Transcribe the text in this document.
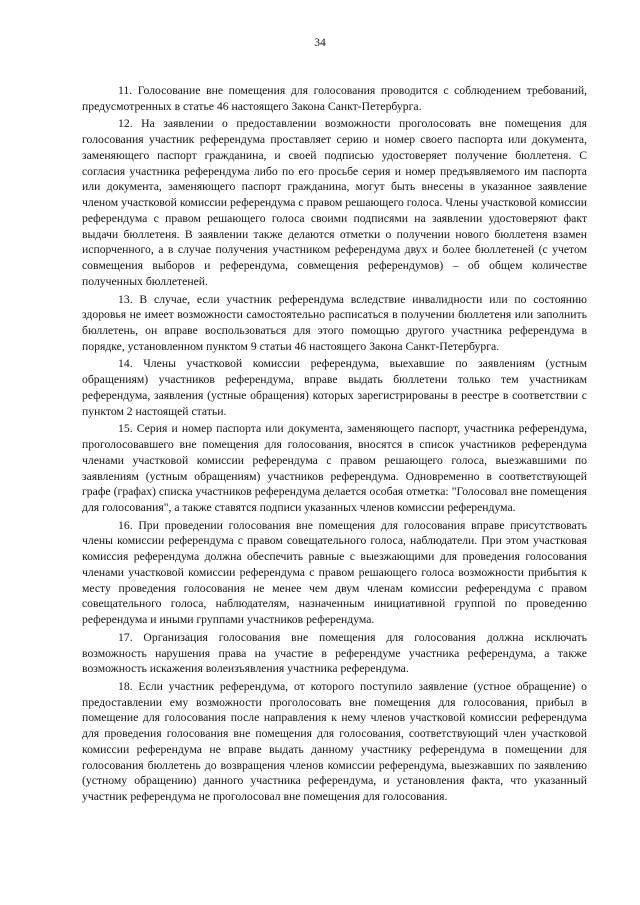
34

11. Голосование вне помещения для голосования проводится с соблюдением требований, предусмотренных в статье 46 настоящего Закона Санкт-Петербурга.

12. На заявлении о предоставлении возможности проголосовать вне помещения для голосования участник референдума проставляет серию и номер своего паспорта или документа, заменяющего паспорт гражданина, и своей подписью удостоверяет получение бюллетеня. С согласия участника референдума либо по его просьбе серия и номер предъявляемого им паспорта или документа, заменяющего паспорт гражданина, могут быть внесены в указанное заявление членом участковой комиссии референдума с правом решающего голоса. Члены участковой комиссии референдума с правом решающего голоса своими подписями на заявлении удостоверяют факт выдачи бюллетеня. В заявлении также делаются отметки о получении нового бюллетеня взамен испорченного, а в случае получения участником референдума двух и более бюллетеней (с учетом совмещения выборов и референдума, совмещения референдумов) – об общем количестве полученных бюллетеней.

13. В случае, если участник референдума вследствие инвалидности или по состоянию здоровья не имеет возможности самостоятельно расписаться в получении бюллетеня или заполнить бюллетень, он вправе воспользоваться для этого помощью другого участника референдума в порядке, установленном пунктом 9 статьи 46 настоящего Закона Санкт-Петербурга.

14. Члены участковой комиссии референдума, выехавшие по заявлениям (устным обращениям) участников референдума, вправе выдать бюллетени только тем участникам референдума, заявления (устные обращения) которых зарегистрированы в реестре в соответствии с пунктом 2 настоящей статьи.

15. Серия и номер паспорта или документа, заменяющего паспорт, участника референдума, проголосовавшего вне помещения для голосования, вносятся в список участников референдума членами участковой комиссии референдума с правом решающего голоса, выезжавшими по заявлениям (устным обращениям) участников референдума. Одновременно в соответствующей графе (графах) списка участников референдума делается особая отметка: "Голосовал вне помещения для голосования", а также ставятся подписи указанных членов комиссии референдума.

16. При проведении голосования вне помещения для голосования вправе присутствовать члены комиссии референдума с правом совещательного голоса, наблюдатели. При этом участковая комиссия референдума должна обеспечить равные с выезжающими для проведения голосования членами участковой комиссии референдума с правом решающего голоса возможности прибытия к месту проведения голосования не менее чем двум членам комиссии референдума с правом совещательного голоса, наблюдателям, назначенным инициативной группой по проведению референдума и иными группами участников референдума.

17. Организация голосования вне помещения для голосования должна исключать возможность нарушения права на участие в референдуме участника референдума, а также возможность искажения волеизъявления участника референдума.

18. Если участник референдума, от которого поступило заявление (устное обращение) о предоставлении ему возможности проголосовать вне помещения для голосования, прибыл в помещение для голосования после направления к нему членов участковой комиссии референдума для проведения голосования вне помещения для голосования, соответствующий член участковой комиссии референдума не вправе выдать данному участнику референдума в помещении для голосования бюллетень до возвращения членов комиссии референдума, выезжавших по заявлению (устному обращению) данного участника референдума, и установления факта, что указанный участник референдума не проголосовал вне помещения для голосования.
